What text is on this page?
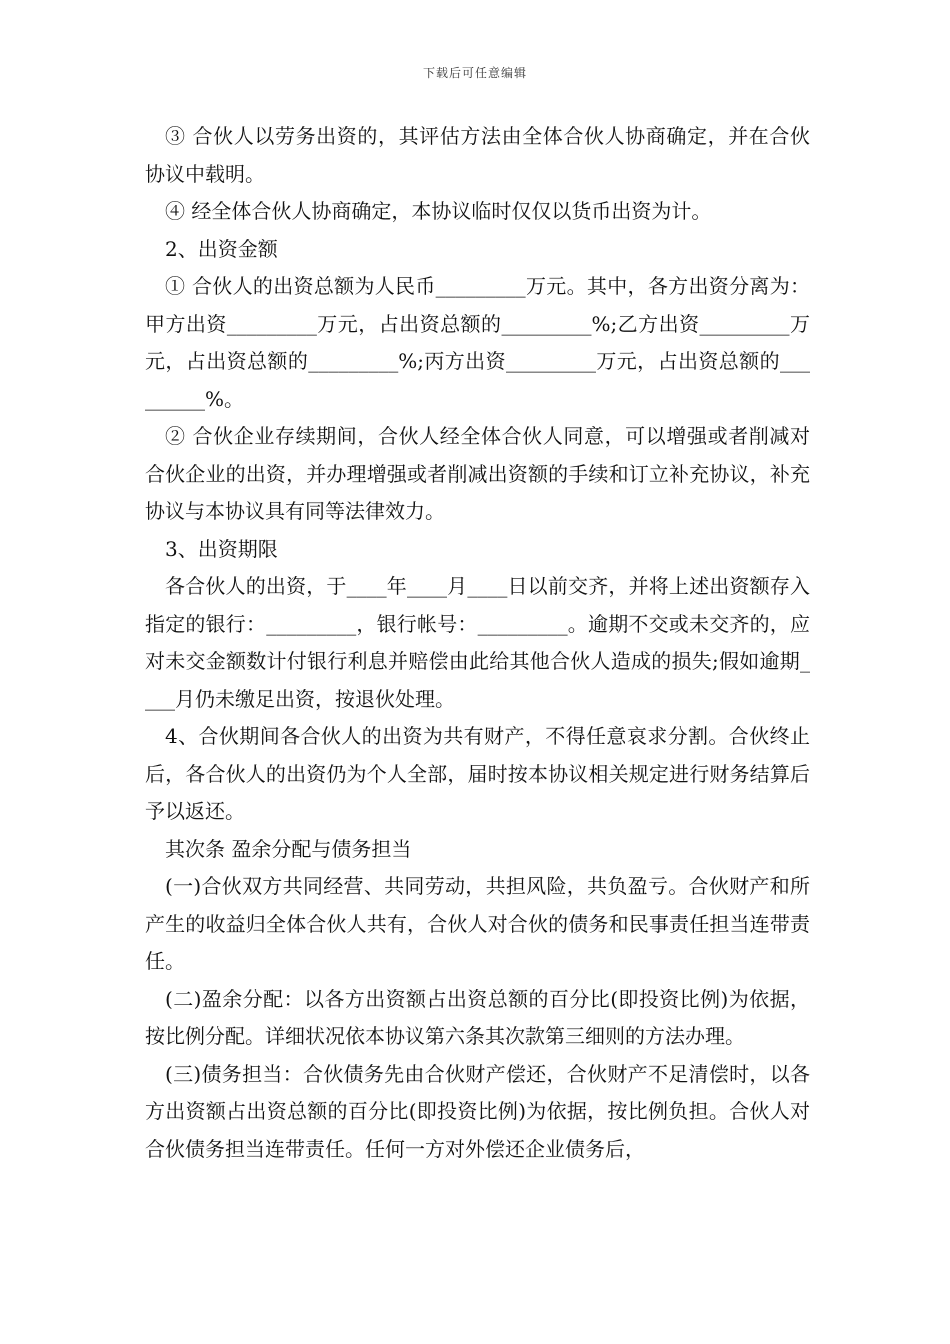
下载后可任意编辑

③ 合伙人以劳务出资的，其评估方法由全体合伙人协商确定，并在合伙协议中载明。

④ 经全体合伙人协商确定，本协议临时仅仅以货币出资为计。

2、出资金额

① 合伙人的出资总额为人民币_________万元。其中，各方出资分离为：甲方出资_________万元，占出资总额的_________%;乙方出资_________万元，占出资总额的_________%;丙方出资_________万元，占出资总额的_________%。

② 合伙企业存续期间，合伙人经全体合伙人同意，可以增强或者削减对合伙企业的出资，并办理增强或者削减出资额的手续和订立补充协议，补充协议与本协议具有同等法律效力。

3、出资期限

各合伙人的出资，于____年____月____日以前交齐，并将上述出资额存入指定的银行：_________，银行帐号：_________。逾期不交或未交齐的，应对未交金额数计付银行利息并赔偿由此给其他合伙人造成的损失;假如逾期____月仍未缴足出资，按退伙处理。

4、合伙期间各合伙人的出资为共有财产，不得任意哀求分割。合伙终止后，各合伙人的出资仍为个人全部，届时按本协议相关规定进行财务结算后予以返还。

其次条 盈余分配与债务担当

(一)合伙双方共同经营、共同劳动，共担风险，共负盈亏。合伙财产和所产生的收益归全体合伙人共有，合伙人对合伙的债务和民事责任担当连带责任。

(二)盈余分配：以各方出资额占出资总额的百分比(即投资比例)为依据，按比例分配。详细状况依本协议第六条其次款第三细则的方法办理。

(三)债务担当：合伙债务先由合伙财产偿还，合伙财产不足清偿时，以各方出资额占出资总额的百分比(即投资比例)为依据，按比例负担。合伙人对合伙债务担当连带责任。任何一方对外偿还企业债务后，
